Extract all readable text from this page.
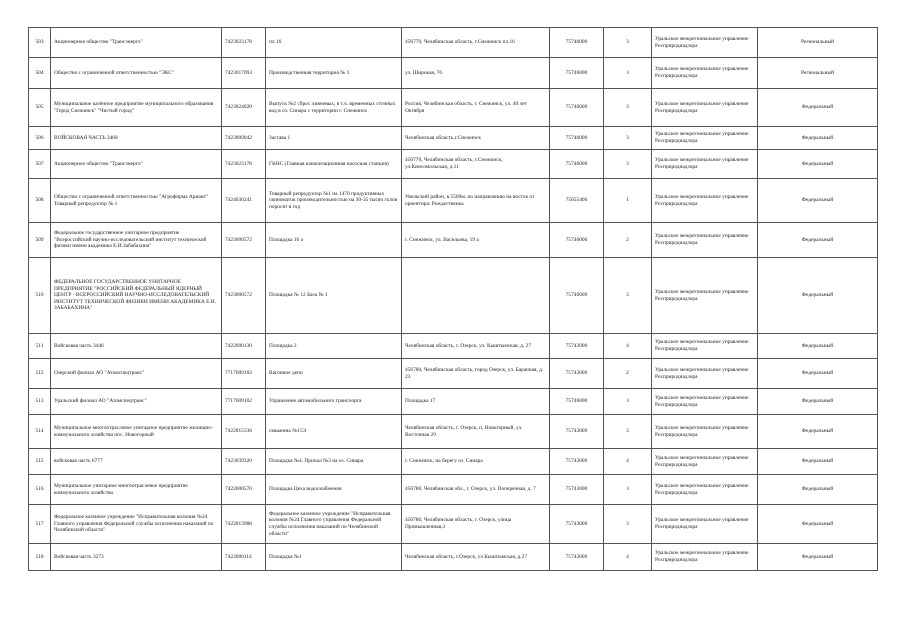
503	Акционерное общество "Трансэнерго"	7423023178	пл 16	456770, Челябинская область, г.Снежинск пл.16	75746000	3	Уральское межрегиональное управление Росприроднадзора	Региональный
504	Общество с ограниченной ответственностью "ЭКС"	7423017093	Производственная территория № 3	ул. Широкая, 76	75746000	3	Уральское межрегиональное управление Росприроднадзора	Региональный
505	Муниципальное казённое предприятие муниципального образования "Город Снежинск" "Чистый город"	7423024020	Выпуск №2 сброс ливневых, в т.ч. временных сточных вод в оз. Синара с территории г. Снежинск	Россия, Челябинская область, г. Снежинск, ул. 40 лет Октября	75746000	3	Уральское межрегиональное управление Росприроднадзора	Федеральный
506	ВОЙСКОВАЯ ЧАСТЬ 3468	7423009042	Застава 1	Челябинская область,г.Снежинск	75746000	3	Уральское межрегиональное управление Росприроднадзора	Федеральный
507	Акционерное общество "Трансэнерго"	7423023178	ГКНС (Главная канализационная насосная станция)	456770, Челябинская область, г.Снежинск, ул.Комсомольская, д.11	75746000	3	Уральское межрегиональное управление Росприроднадзора	Федеральный
508	Общество с ограниченной ответственностью "Агрофирма Ариант" Товарный репродуктор № 1	7424030241	Товарный репродуктор №1 на 1470 продуктивных свиноматок производительностью на 30-35 тысяч голов поросят в год	Увельский район, в 5500м. по направлению на восток от ориентира: Рождественка	75655466	1	Уральское межрегиональное управление Росприроднадзора	Федеральный
509	Федеральное государственное унитарное предприятие "Всероссийский научно-исследовательский институт технической физики имени академика Е.И.Забабахина"	7423000572	Площадка 10 а	г. Снежинск, ул. Васильева, 19 а	75746000	2	Уральское межрегиональное управление Росприроднадзора	Федеральный
510	ФЕДЕРАЛЬНОЕ ГОСУДАРСТВЕННОЕ УНИТАРНОЕ ПРЕДПРИЯТИЕ "РОССИЙСКИЙ ФЕДЕРАЛЬНЫЙ ЯДЕРНЫЙ ЦЕНТР - ВСЕРОССИЙСКИЙ НАУЧНО-ИССЛЕДОВАТЕЛЬСКИЙ ИНСТИТУТ ТЕХНИЧЕСКОЙ ФИЗИКИ ИМЕНИ АКАДЕМИКА Е.И. ЗАБАБАХИНА"	7423000572	Площадка № 12 База № 1		75746000	3	Уральское межрегиональное управление Росприроднадзора	Федеральный
511	Войсковая часть 3446	7422000130	Площадка 2	Челябинская область, г. Озерск, ул. Кыштымская, д. 27	75743000	4	Уральское межрегиональное управление Росприроднадзора	Федеральный
512	Озерский филиал АО "Атомспецтранс"	7717609102	Вагонное депо	456780, Челябинская область, город Озерск, ул. Барачная, д. 23	75743000	2	Уральское межрегиональное управление Росприроднадзора	Федеральный
513	Уральский филиал АО "Атомспецтранс"	7717609102	Управление автомобильного транспорта	Площадка 17	75746000	3	Уральское межрегиональное управление Росприроднадзора	Федеральный
514	Муниципальное многоотраслевое унитарное предприятие жилищно-коммунального хозяйства пос. Новогорный	7422015336	скважина №15Э	Челябинская область, г. Озерск, п. Новогорный, ул. Восточная 29	75743000	3	Уральское межрегиональное управление Росприроднадзора	Федеральный
515	войсковая часть 6777	7423039320	Площадка №4. Причал №3 на оз. Синара	г. Снежинск, на берегу оз. Синара	75743000	4	Уральское межрегиональное управление Росприроднадзора	Федеральный
516	Муниципальное унитарное многоотраслевое предприятие коммунального хозяйства	7422000570	Площадка Цеха водоснабжения	456780, Челябинская обл., г. Озерск, ул. Поперечная, д. 7	75743000	3	Уральское межрегиональное управление Росприроднадзора	Федеральный
517	Федеральное казенное учреждение "Исправительная колония №24 Главного управления Федеральной службы исполнения наказаний по Челябинской области"	7422013988	Федеральное казенное учреждение "Исправительная колония №24 Главного управления Федеральной службы исполнения наказаний по Челябинской области"	456780, Челябинская область, г. Озерск, улица Промышленная,3	75743000	3	Уральское межрегиональное управление Росприроднадзора	Федеральный
518	Войсковая часть 3273	7422000114	Площадка №1	Челябинская область, г.Озерск, ул Кыштымская, д.27	75743000	4	Уральское межрегиональное управление Росприроднадзора	Федеральный
